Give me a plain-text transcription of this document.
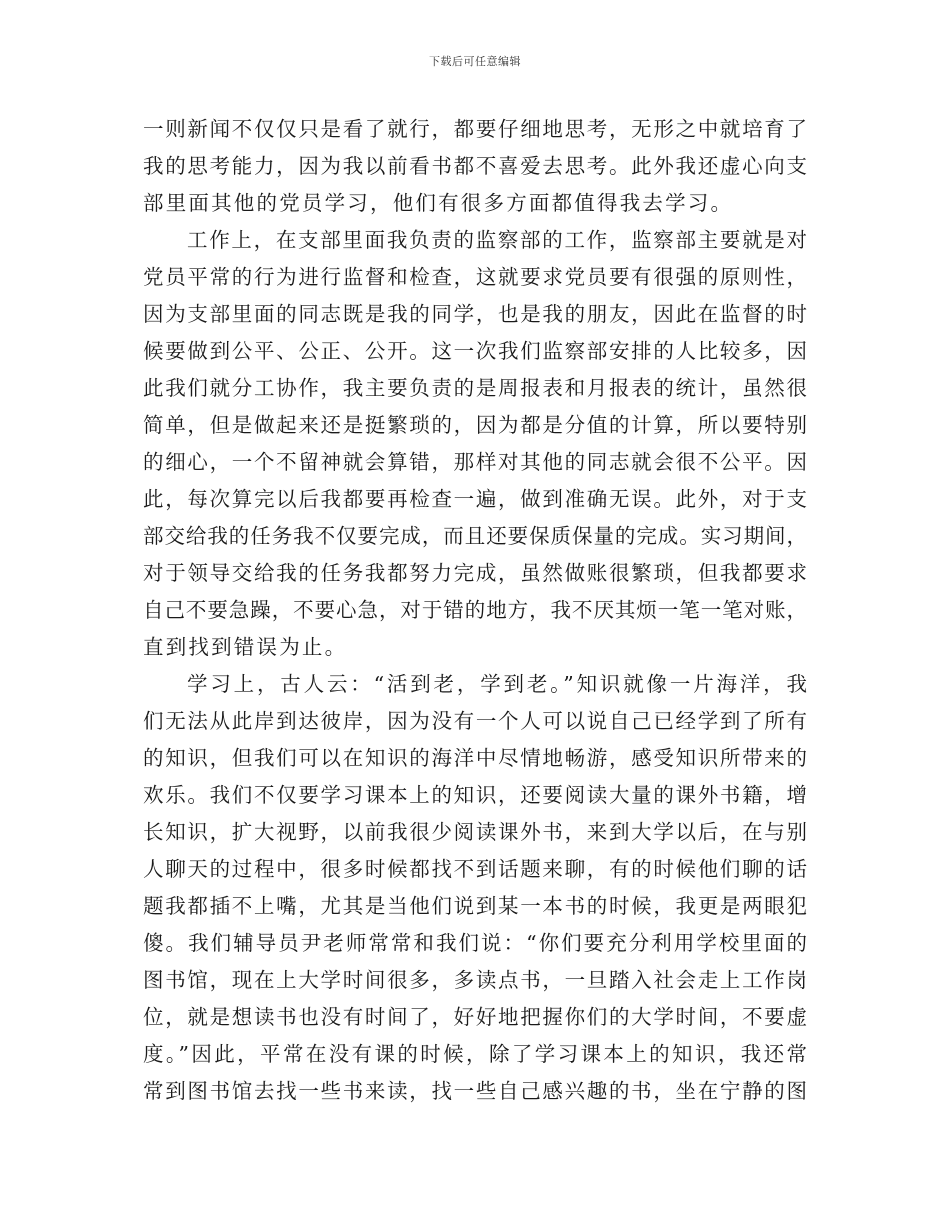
下载后可任意编辑
一则新闻不仅仅只是看了就行，都要仔细地思考，无形之中就培育了
我的思考能力，因为我以前看书都不喜爱去思考。此外我还虚心向支
部里面其他的党员学习，他们有很多方面都值得我去学习。
工作上，在支部里面我负责的监察部的工作，监察部主要就是对
党员平常的行为进行监督和检查，这就要求党员要有很强的原则性，
因为支部里面的同志既是我的同学，也是我的朋友，因此在监督的时
候要做到公平、公正、公开。这一次我们监察部安排的人比较多，因
此我们就分工协作，我主要负责的是周报表和月报表的统计，虽然很
简单，但是做起来还是挺繁琐的，因为都是分值的计算，所以要特别
的细心，一个不留神就会算错，那样对其他的同志就会很不公平。因
此，每次算完以后我都要再检查一遍，做到准确无误。此外，对于支
部交给我的任务我不仅要完成，而且还要保质保量的完成。实习期间，
对于领导交给我的任务我都努力完成，虽然做账很繁琐，但我都要求
自己不要急躁，不要心急，对于错的地方，我不厌其烦一笔一笔对账，
直到找到错误为止。
学习上，古人云：“活到老，学到老。”知识就像一片海洋，我
们无法从此岸到达彼岸，因为没有一个人可以说自己已经学到了所有
的知识，但我们可以在知识的海洋中尽情地畅游，感受知识所带来的
欢乐。我们不仅要学习课本上的知识，还要阅读大量的课外书籍，增
长知识，扩大视野，以前我很少阅读课外书，来到大学以后，在与别
人聊天的过程中，很多时候都找不到话题来聊，有的时候他们聊的话
题我都插不上嘴，尤其是当他们说到某一本书的时候，我更是两眼犯
傻。我们辅导员尹老师常常和我们说：“你们要充分利用学校里面的
图书馆，现在上大学时间很多，多读点书，一旦踏入社会走上工作岗
位，就是想读书也没有时间了，好好地把握你们的大学时间，不要虚
度。”因此，平常在没有课的时候，除了学习课本上的知识，我还常
常到图书馆去找一些书来读，找一些自己感兴趣的书，坐在宁静的图
